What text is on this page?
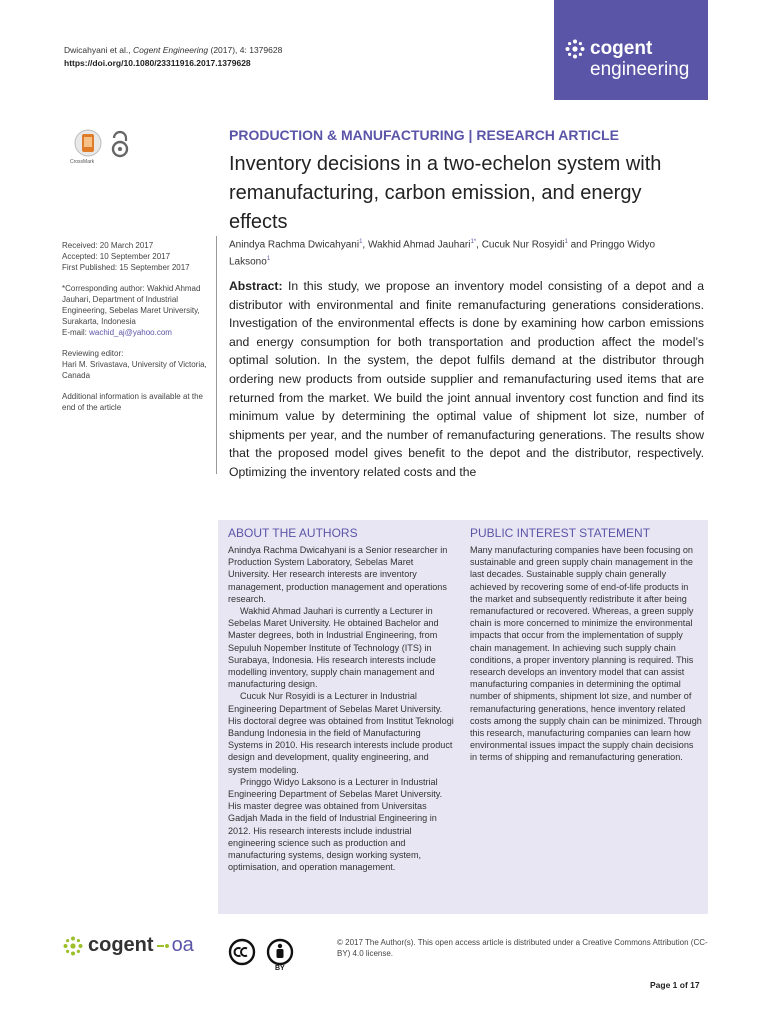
Dwicahyani et al., Cogent Engineering (2017), 4: 1379628
https://doi.org/10.1080/23311916.2017.1379628
cogent
engineering
CrossMark
PRODUCTION & MANUFACTURING | RESEARCH ARTICLE
Inventory decisions in a two-echelon system with remanufacturing, carbon emission, and energy effects
Anindya Rachma Dwicahyani$^1$, Wakhid Ahmad Jauhari$^{1*}$, Cucuk Nur Rosyidi$^1$ and Pringgo Widyo Laksono$^1$

Received: 20 March 2017
Accepted: 10 September 2017
First Published: 15 September 2017

*Corresponding author: Wakhid Ahmad Jauhari, Department of Industrial Engineering, Sebelas Maret University, Surakarta, Indonesia
E-mail: wachid_aj@yahoo.com

Reviewing editor:
Hari M. Srivastava, University of Victoria, Canada

Additional information is available at the end of the article

Abstract: In this study, we propose an inventory model consisting of a depot and a distributor with environmental and finite remanufacturing generations considerations. Investigation of the environmental effects is done by examining how carbon emissions and energy consumption for both transportation and production affect the model’s optimal solution. In the system, the depot fulfils demand at the distributor through ordering new products from outside supplier and remanufacturing used items that are returned from the market. We build the joint annual inventory cost function and find its minimum value by determining the optimal value of shipment lot size, number of shipments per year, and the number of remanufacturing generations. The results show that the proposed model gives benefit to the depot and the distributor, respectively. Optimizing the inventory related costs and the
ABOUT THE AUTHORS

Anindya Rachma Dwicahyani is a Senior researcher in Production System Laboratory, Sebelas Maret University. Her research interests are inventory management, production management and operations research.

Wakhid Ahmad Jauhari is currently a Lecturer in Sebelas Maret University. He obtained Bachelor and Master degrees, both in Industrial Engineering, from Sepuluh Nopember Institute of Technology (ITS) in Surabaya, Indonesia. His research interests include modelling inventory, supply chain management and manufacturing design.

Cucuk Nur Rosyidi is a Lecturer in Industrial Engineering Department of Sebelas Maret University. His doctoral degree was obtained from Institut Teknologi Bandung Indonesia in the field of Manufacturing Systems in 2010. His research interests include product design and development, quality engineering, and system modeling.

Pringgo Widyo Laksono is a Lecturer in Industrial Engineering Department of Sebelas Maret University. His master degree was obtained from Universitas Gadjah Mada in the field of Industrial Engineering in 2012. His research interests include industrial engineering science such as production and manufacturing systems, design working system, optimisation, and operation management.

PUBLIC INTEREST STATEMENT
Many manufacturing companies have been focusing on sustainable and green supply chain management in the last decades. Sustainable supply chain generally achieved by recovering some of end-of-life products in the market and subsequently redistribute it after being remanufactured or recovered. Whereas, a green supply chain is more concerned to minimize the environmental impacts that occur from the implementation of supply chain management. In achieving such supply chain conditions, a proper inventory planning is required. This research develops an inventory model that can assist manufacturing companies in determining the optimal number of shipments, shipment lot size, and number of remanufacturing generations, hence inventory related costs among the supply chain can be minimized. Through this research, manufacturing companies can learn how environmental issues impact the supply chain decisions in terms of shipping and remanufacturing generation.
cogent oa
BY
© 2017 The Author(s). This open access article is distributed under a Creative Commons Attribution (CC-BY) 4.0 license.
Page 1 of 17
